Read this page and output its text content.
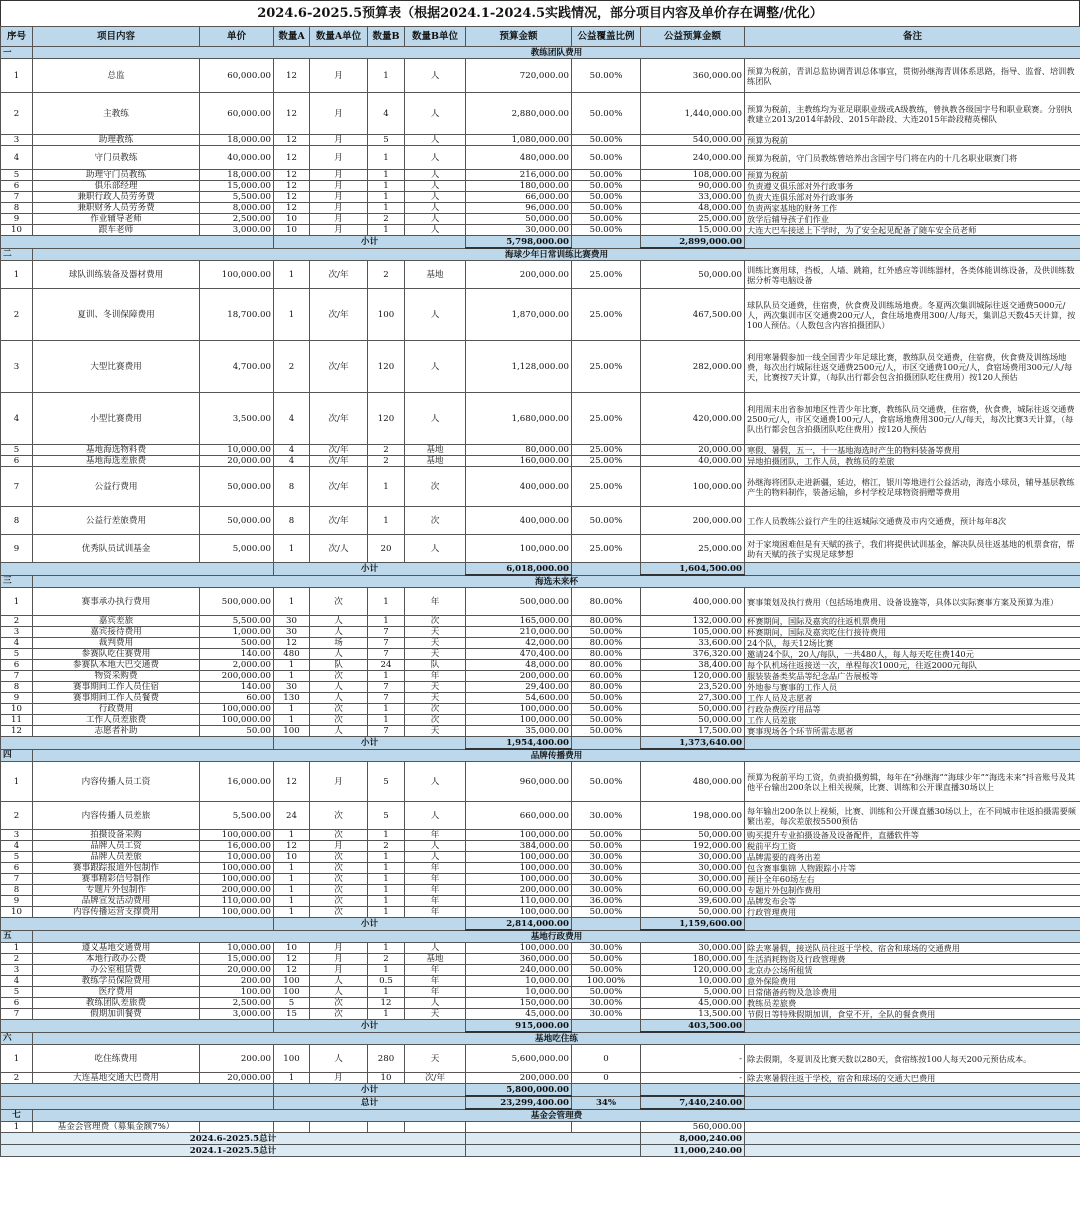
2024.6-2025.5预算表（根据2024.1-2024.5实践情况，部分项目内容及单价存在调整/优化）
序号	项目内容	单价	数量A	数量A单位	数量B	数量B单位	预算金额	公益覆盖比例	公益预算金额	备注
一	教练团队费用									
1	总监	60,000.00	12	月	1	人	720,000.00	50.00%	360,000.00	预算为税前，青训总监协调青训总体事宜，贯彻孙继海青训体系思路，指导、监督、培训教练团队
2	主教练	60,000.00	12	月	4	人	2,880,000.00	50.00%	1,440,000.00	预算为税前，主教练均为亚足联职业级或A级教练，曾执教各级国字号和职业联赛。分别执教建立2013/2014年龄段、2015年龄段、大连2015年龄段精英梯队
3	助理教练	18,000.00	12	月	5	人	1,080,000.00	50.00%	540,000.00	预算为税前
4	守门员教练	40,000.00	12	月	1	人	480,000.00	50.00%	240,000.00	预算为税前，守门员教练曾培养出含国字号门将在内的十几名职业联赛门将
5	助理守门员教练	18,000.00	12	月	1	人	216,000.00	50.00%	108,000.00	预算为税前
6	俱乐部经理	15,000.00	12	月	1	人	180,000.00	50.00%	90,000.00	负责遵义俱乐部对外行政事务
7	兼职行政人员劳务费	5,500.00	12	月	1	人	66,000.00	50.00%	33,000.00	负责大连俱乐部对外行政事务
8	兼职财务人员劳务费	8,000.00	12	月	1	人	96,000.00	50.00%	48,000.00	负责两家基地的财务工作
9	作业辅导老师	2,500.00	10	月	2	人	50,000.00	50.00%	25,000.00	放学后辅导孩子们作业
10	跟车老师	3,000.00	10	月	1	人	30,000.00	50.00%	15,000.00	大连大巴车接送上下学时，为了安全起见配备了随车安全员老师
			小计				5,798,000.00		2,899,000.00	
二	海球少年日常训练比赛费用									
1	球队训练装备及器材费用	100,000.00	1	次/年	2	基地	200,000.00	25.00%	50,000.00	训练比赛用球，挡板，人墙、跳箱，红外感应等训练器材，各类体能训练设备，及供训练数据分析等电脑设备
2	夏训、冬训保障费用	18,700.00	1	次/年	100	人	1,870,000.00	25.00%	467,500.00	球队队员交通费，住宿费，伙食费及训练场地费。冬夏两次集训城际往返交通费5000元/人，两次集训市区交通费200元/人，食住场地费用300/人/每天，集训总天数45天计算，按100人预估。（人数包含内容拍摄团队）
3	大型比赛费用	4,700.00	2	次/年	120	人	1,128,000.00	25.00%	282,000.00	利用寒暑假参加一线全国青少年足球比赛，教练队员交通费，住宿费，伙食费及训练场地费，每次出行城际往返交通费2500元/人，市区交通费100元/人，食宿场费用300元/人/每天，比赛按7天计算，（每队出行都会包含拍摄团队吃住费用）按120人预估
4	小型比赛费用	3,500.00	4	次/年	120	人	1,680,000.00	25.00%	420,000.00	利用周末出省参加地区性青少年比赛，教练队员交通费，住宿费，伙食费，城际往返交通费2500元/人，市区交通费100元/人，食宿场地费用300元/人/每天，每次比赛3天计算，（每队出行都会包含拍摄团队吃住费用）按120人预估
5	基地海选物料费	10,000.00	4	次/年	2	基地	80,000.00	25.00%	20,000.00	寒假、暑假，五一，十一基地海选时产生的物料装备等费用
6	基地海选差旅费	20,000.00	4	次/年	2	基地	160,000.00	25.00%	40,000.00	异地拍摄团队，工作人员，教练员的差旅
7	公益行费用	50,000.00	8	次/年	1	次	400,000.00	25.00%	100,000.00	孙继海将团队走进新疆，延边，榕江，银川等地进行公益活动，海选小球员，辅导基层教练产生的物料制作，装备运输，乡村学校足球物资捐赠等费用
8	公益行差旅费用	50,000.00	8	次/年	1	次	400,000.00	50.00%	200,000.00	工作人员教练公益行产生的往返城际交通费及市内交通费，预计每年8次
9	优秀队员试训基金	5,000.00	1	次/人	20	人	100,000.00	25.00%	25,000.00	对于家境困难但是有天赋的孩子，我们将提供试训基金，解决队员往返基地的机票食宿，帮助有天赋的孩子实现足球梦想
			小计				6,018,000.00		1,604,500.00	
三	海选未来杯									
1	赛事承办执行费用	500,000.00	1	次	1	年	500,000.00	80.00%	400,000.00	赛事策划及执行费用（包括场地费用、设备设施等，具体以实际赛事方案及预算为准）
2	嘉宾差旅	5,500.00	30	人	1	次	165,000.00	80.00%	132,000.00	杯赛期间，国际及嘉宾的往返机票费用
3	嘉宾接待费用	1,000.00	30	人	7	天	210,000.00	50.00%	105,000.00	杯赛期间，国际及嘉宾吃住行接待费用
4	裁判费用	500.00	12	场	7	天	42,000.00	80.00%	33,600.00	24个队，每天12场比赛
5	参赛队吃住赛费用	140.00	480	人	7	天	470,400.00	80.00%	376,320.00	邀请24个队，20人/每队，一共480人，每人每天吃住费140元
6	参赛队本地大巴交通费	2,000.00	1	队	24	队	48,000.00	80.00%	38,400.00	每个队机场往返接送一次，单程每次1000元，往返2000元每队
7	物资采购费	200,000.00	1	次	1	年	200,000.00	60.00%	120,000.00	服装装备类奖品等纪念品广告展板等
8	赛事期间工作人员住宿	140.00	30	人	7	天	29,400.00	80.00%	23,520.00	外地参与赛事的工作人员
9	赛事期间工作人员餐费	60.00	130	人	7	天	54,600.00	50.00%	27,300.00	工作人员及志愿者
10	行政费用	100,000.00	1	次	1	次	100,000.00	50.00%	50,000.00	行政杂费医疗用品等
11	工作人员差旅费	100,000.00	1	次	1	次	100,000.00	50.00%	50,000.00	工作人员差旅
12	志愿者补助	50.00	100	人	7	天	35,000.00	50.00%	17,500.00	赛事现场各个环节所需志愿者
			小计				1,954,400.00		1,373,640.00	
四	品牌传播费用									
1	内容传播人员工资	16,000.00	12	月	5	人	960,000.00	50.00%	480,000.00	预算为税前平均工资，负责拍摄剪辑，每年在“孙继海”“海球少年”“海选未来”抖音账号及其他平台输出200条以上相关视频，比赛、训练和公开课直播30场以上
2	内容传播人员差旅	5,500.00	24	次	5	人	660,000.00	30.00%	198,000.00	每年输出200条以上视频，比赛、训练和公开课直播30场以上，在不同城市往返拍摄需要频繁出差，每次差旅按5500预估
3	拍摄设备采购	100,000.00	1	次	1	年	100,000.00	50.00%	50,000.00	购买提升专业拍摄设备及设备配件，直播软件等
4	品牌人员工资	16,000.00	12	月	2	人	384,000.00	50.00%	192,000.00	税前平均工资
5	品牌人员差旅	10,000.00	10	次	1	人	100,000.00	30.00%	30,000.00	品牌需要的商务出差
6	赛事跟踪报道外包制作	100,000.00	1	次	1	年	100,000.00	30.00%	30,000.00	包含赛事集锦 人物跟踪小片等
7	赛事精彩信号制作	100,000.00	1	次	1	年	100,000.00	30.00%	30,000.00	预计全年60场左右
8	专题片外包制作	200,000.00	1	次	1	年	200,000.00	30.00%	60,000.00	专题片外包制作费用
9	品牌宣发活动费用	110,000.00	1	次	1	年	110,000.00	36.00%	39,600.00	品牌发布会等
10	内容传播运营支撑费用	100,000.00	1	次	1	年	100,000.00	50.00%	50,000.00	行政管理费用
			小计				2,814,000.00		1,159,600.00	
五	基地行政费用									
1	遵义基地交通费用	10,000.00	10	月	1	人	100,000.00	30.00%	30,000.00	除去寒暑假，接送队员往返于学校、宿舍和球场的交通费用
2	本地行政办公费	15,000.00	12	月	2	基地	360,000.00	50.00%	180,000.00	生活消耗物资及行政管理费
3	办公室租赁费	20,000.00	12	月	1	年	240,000.00	50.00%	120,000.00	北京办公场所租赁
4	教练学员保险费用	200.00	100	人	0.5	年	10,000.00	100.00%	10,000.00	意外保险费用
5	医疗费用	100.00	100	人	1	年	10,000.00	50.00%	5,000.00	日常储备药物及急诊费用
6	教练团队差旅费	2,500.00	5	次	12	人	150,000.00	30.00%	45,000.00	教练员差旅费
7	假期加训餐费	3,000.00	15	次	1	天	45,000.00	30.00%	13,500.00	节假日等特殊假期加训，食堂不开，全队的餐食费用
			小计				915,000.00		403,500.00	
六	基地吃住练									
1	吃住练费用	200.00	100	人	280	天	5,600,000.00	0	-	除去假期，冬夏训及比赛天数以280天，食宿练按100人每天200元预估成本。
2	大连基地交通大巴费用	20,000.00	1	月	10	次/年	200,000.00	0	-	除去寒暑假往返于学校，宿舍和球场的交通大巴费用
			小计				5,800,000.00			
			总计				23,299,400.00	34%	7,440,240.00	
七	基金会管理费									
1	基金会管理费（募集金额7%）								560,000.00	
2024.6-2025.5总计									8,000,240.00	
2024.1-2025.5总计									11,000,240.00	
